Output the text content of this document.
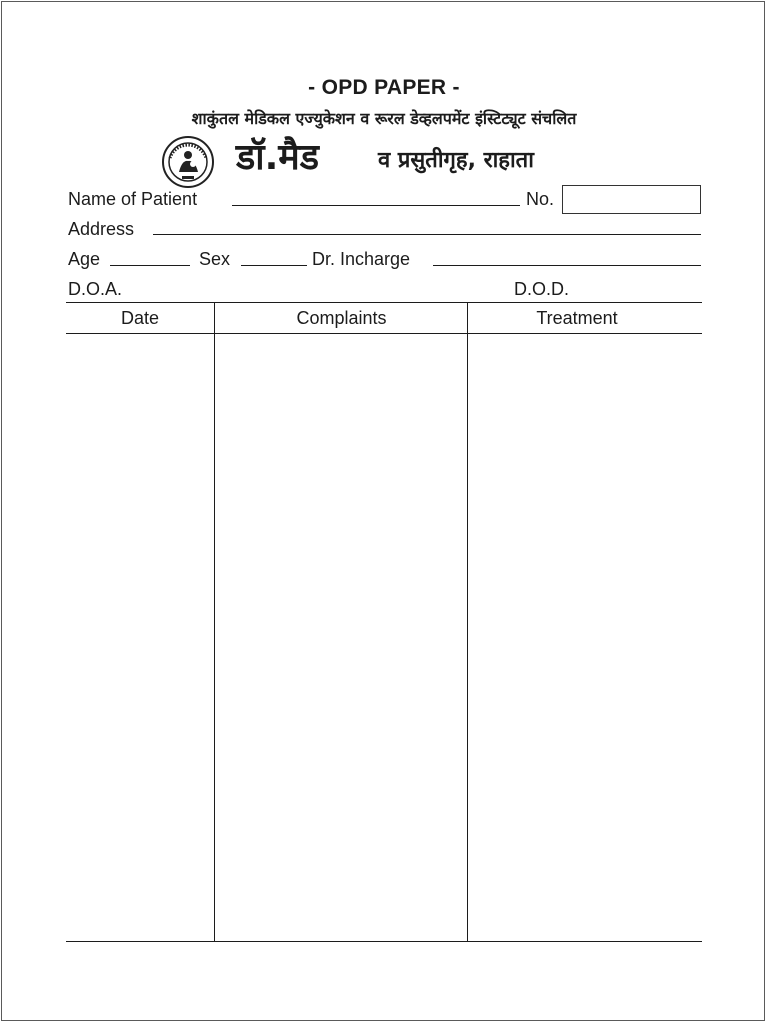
- OPD PAPER -
शाकुंतल मेडिकल एज्युकेशन व रूरल डेव्हलपमेंट इंस्टिट्यूट संचलित
डॉ.मैड	व प्रसुतीगृह, राहाता
Name of Patient	No.
Address
Age	Sex	Dr. Incharge
D.O.A.	D.O.D.
Date	Complaints	Treatment
